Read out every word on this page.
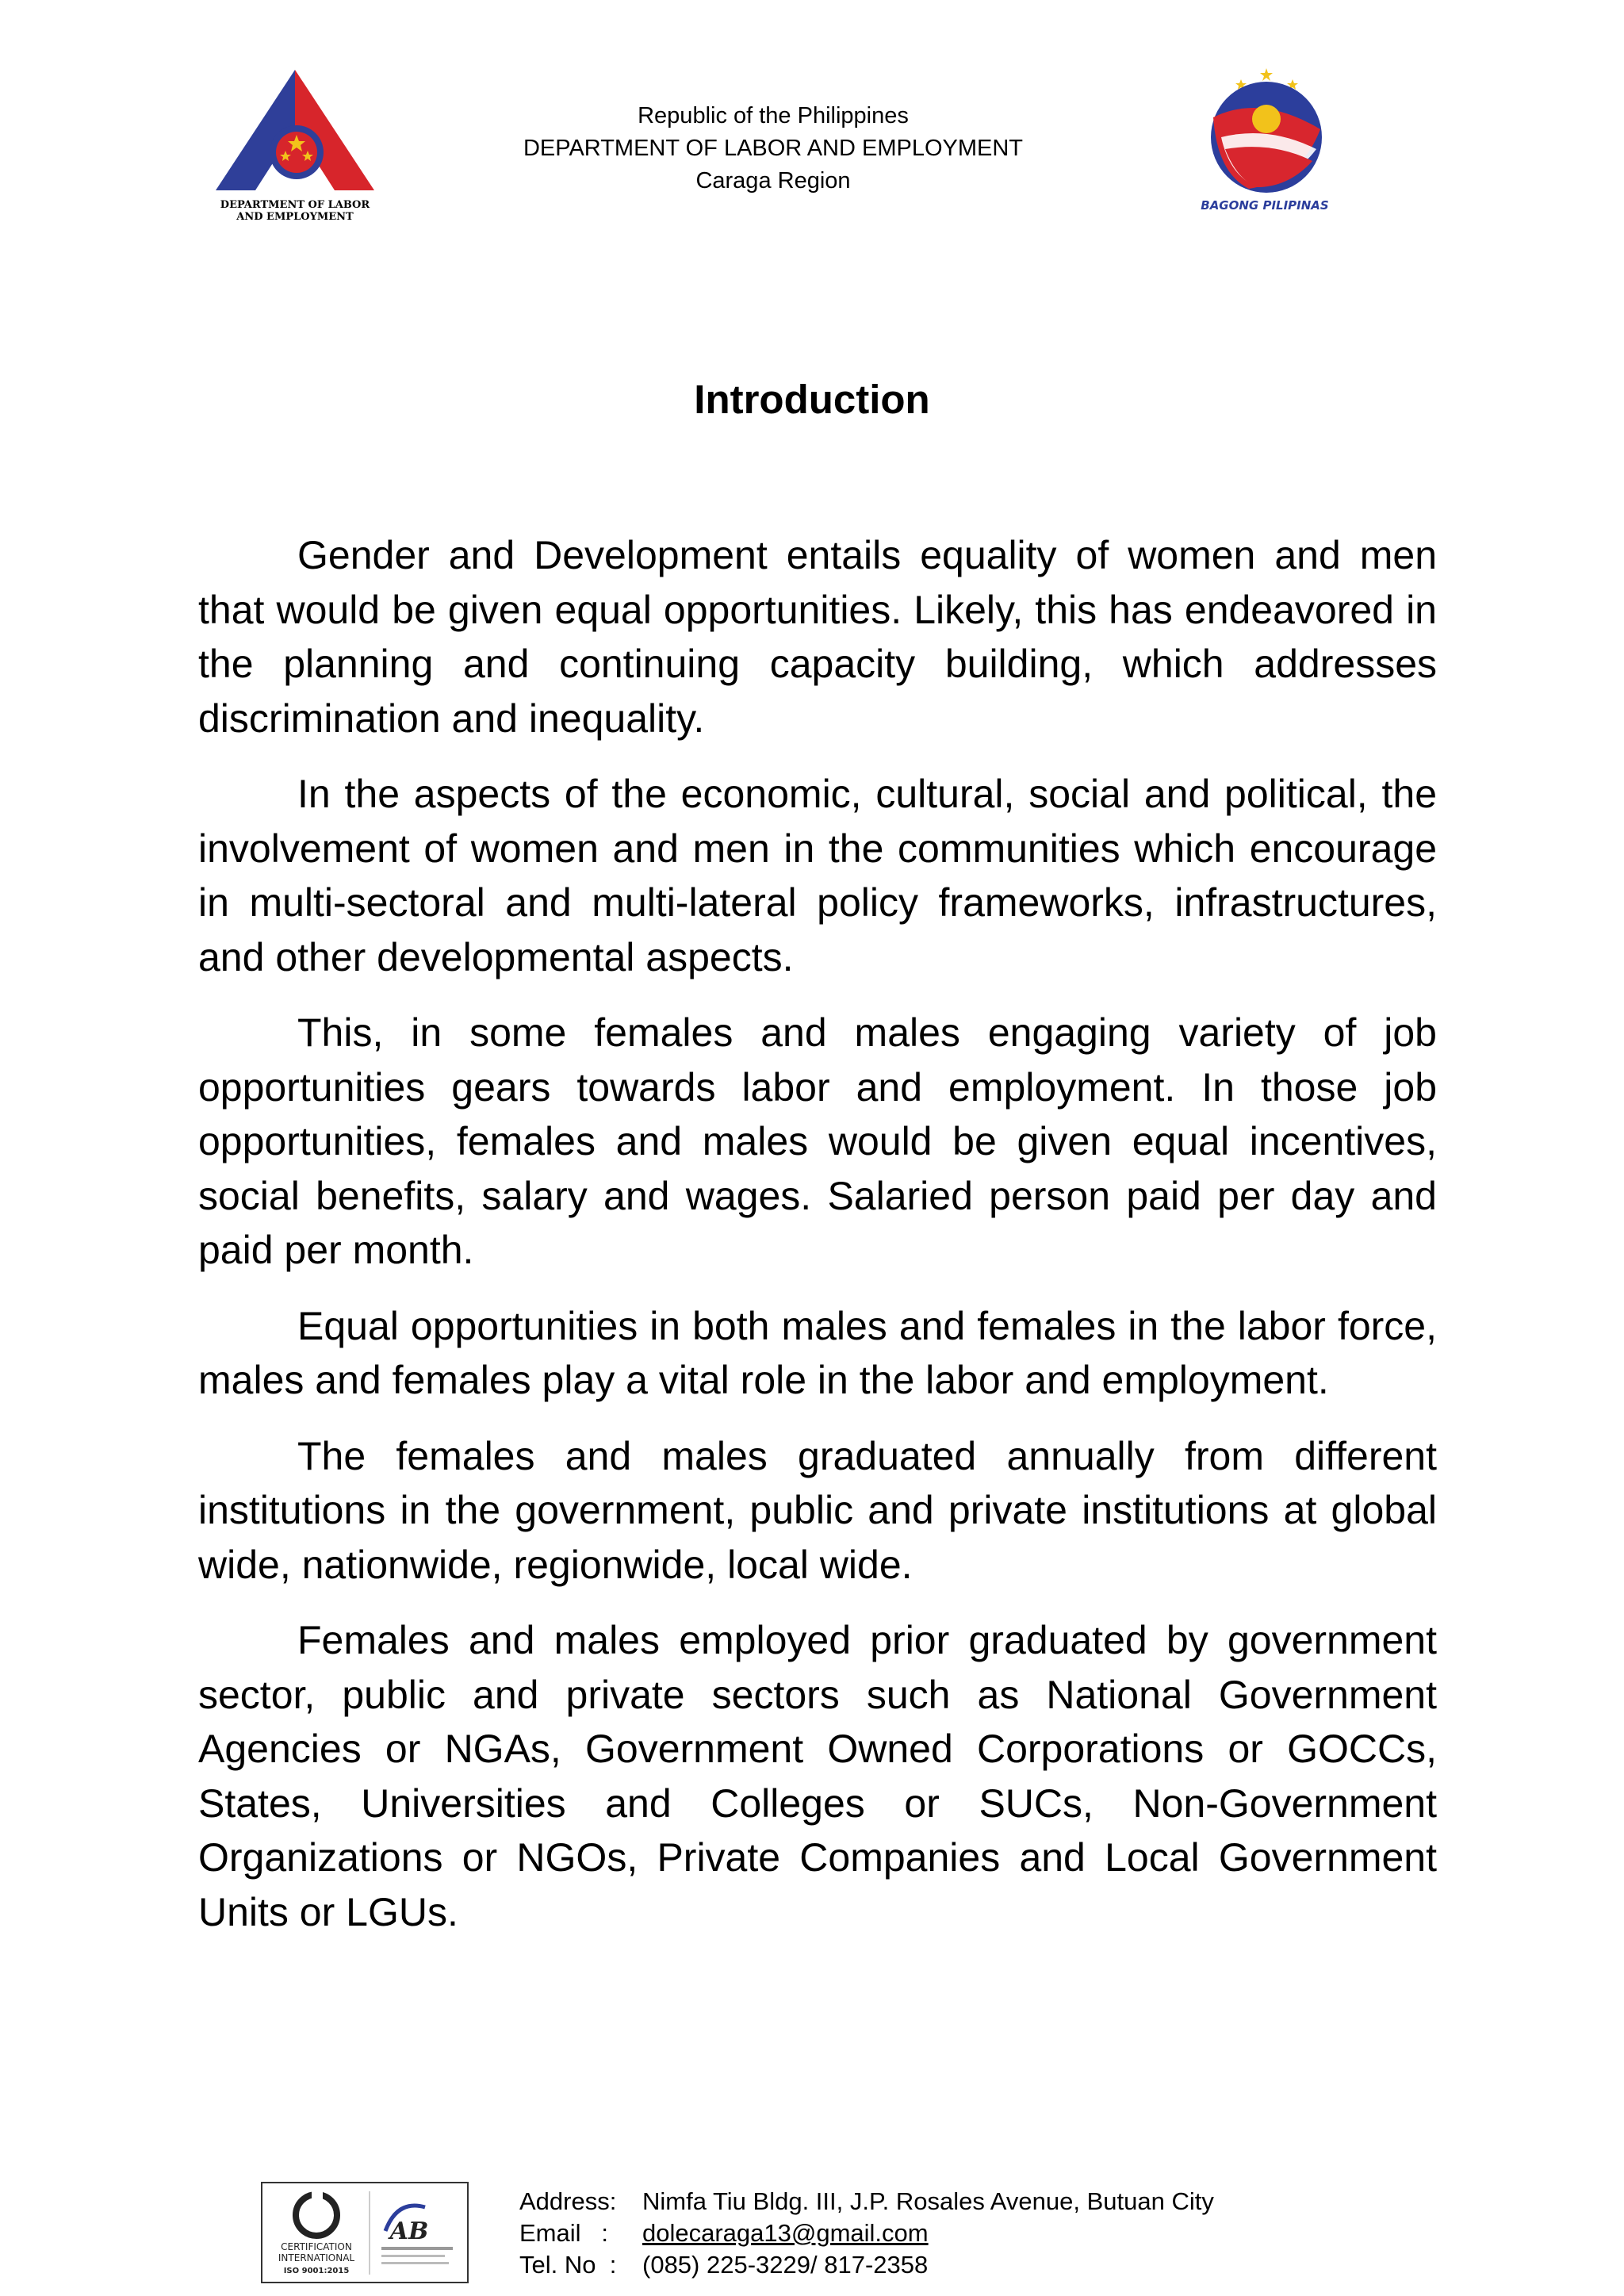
DEPARTMENT OF LABOR
AND EMPLOYMENT
Republic of the Philippines
DEPARTMENT OF LABOR AND EMPLOYMENT
Caraga Region
BAGONG PILIPINAS
Introduction

Gender and Development entails equality of women and men that would be given equal opportunities. Likely, this has endeavored in the planning and continuing capacity building, which addresses discrimination and inequality.

In the aspects of the economic, cultural, social and political, the involvement of women and men in the communities which encourage in multi-sectoral and multi-lateral policy frameworks, infrastructures, and other developmental aspects.

This, in some females and males engaging variety of job opportunities gears towards labor and employment. In those job opportunities, females and males would be given equal incentives, social benefits, salary and wages. Salaried person paid per day and paid per month.

Equal opportunities in both males and females in the labor force, males and females play a vital role in the labor and employment.

The females and males graduated annually from different institutions in the government, public and private institutions at global wide, nationwide, regionwide, local wide.

Females and males employed prior graduated by government sector, public and private sectors such as National Government Agencies or NGAs, Government Owned Corporations or GOCCs, States, Universities and Colleges or SUCs, Non-Government Organizations or NGOs, Private Companies and Local Government Units or LGUs.

CERTIFICATION
INTERNATIONAL
ISO 9001:2015
AB
Address:	Nimfa Tiu Bldg. III, J.P. Rosales Avenue, Butuan City
Email :	dolecaraga13@gmail.com
Tel. No :	(085) 225-3229/ 817-2358
